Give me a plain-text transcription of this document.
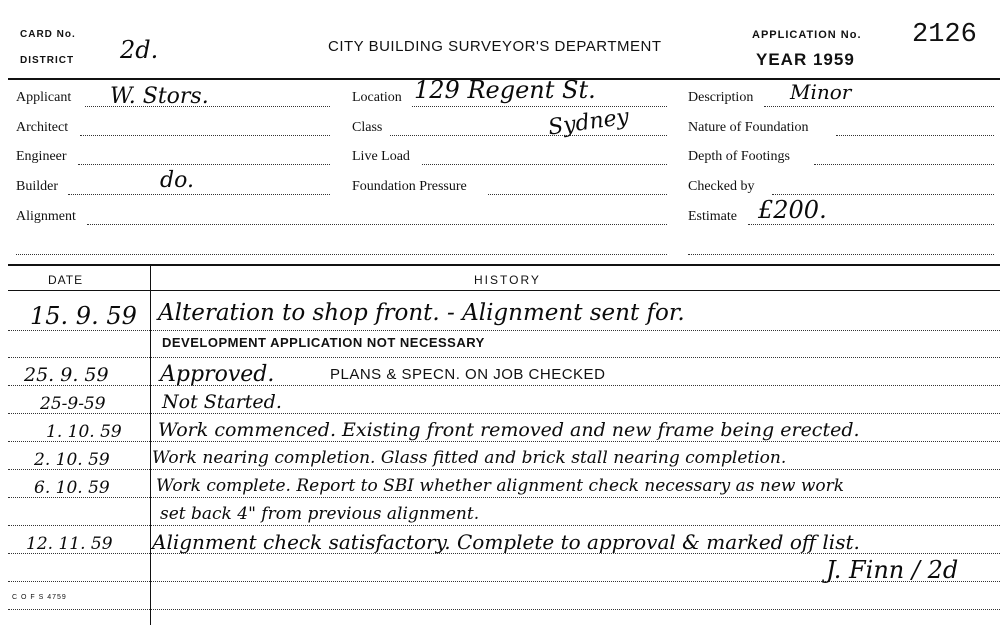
CARD No.
DISTRICT 2d.	CITY BUILDING SURVEYOR'S DEPARTMENT
APPLICATION No. 2126
YEAR 1959
Applicant W. Stors.
Architect
Engineer
Builder	do.
Alignment
Location 129 Regent St.
Class	Sydney
Live Load
Foundation Pressure
Description Minor
Nature of Foundation
Depth of Footings
Checked by
Estimate £200.
DATE	HISTORY
15. 9. 59 Alteration to shop front. - Alignment sent for.
DEVELOPMENT APPLICATION NOT NECESSARY
25. 9. 59 Approved.	PLANS & SPECN. ON JOB CHECKED
25-9-59	Not Started.
1. 10. 59 Work commenced. Existing front removed and new frame being erected.
2. 10. 59 Work nearing completion. Glass fitted and brick stall nearing completion.
6. 10. 59	Work complete. Report to SBI whether alignment check necessary as new work
set back 4" from previous alignment.
12. 11. 59 Alignment check satisfactory. Complete to approval & marked off list.
J. Finn / 2d
C O F S 4759
